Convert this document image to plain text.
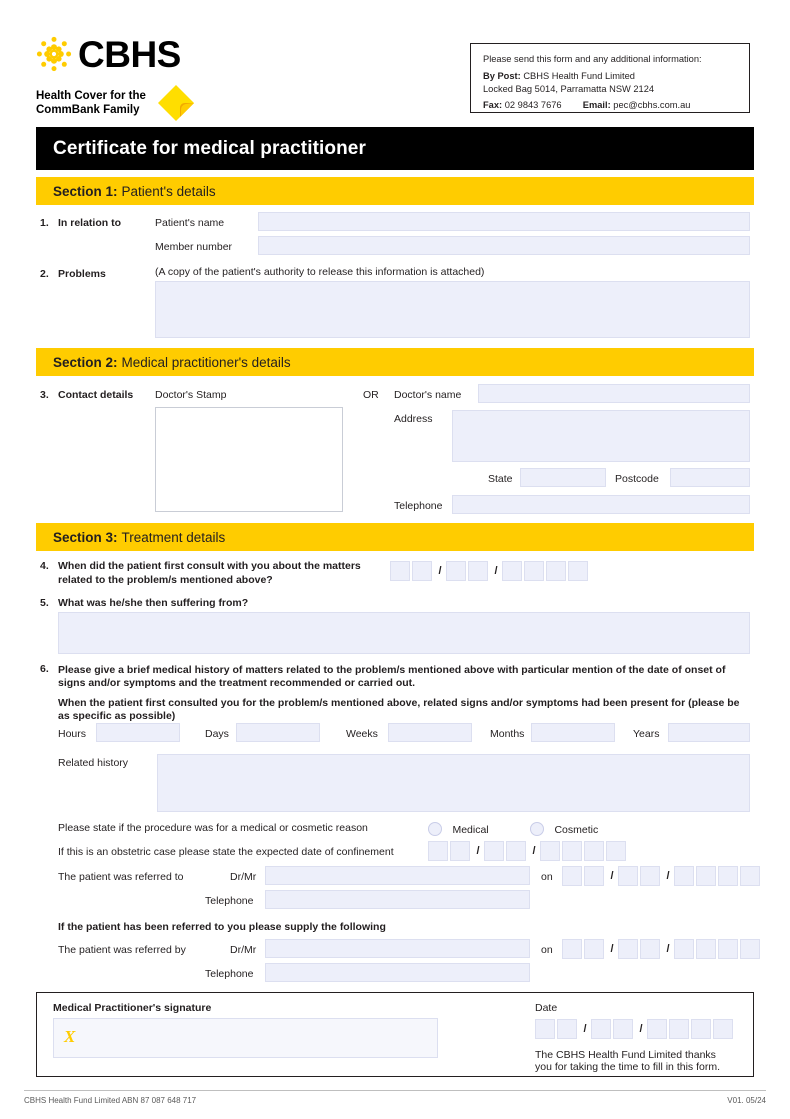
CBHS
Health Cover for the
CommBank Family

Please send this form and any additional information:

By Post: CBHS Health Fund Limited

Locked Bag 5014, Parramatta NSW 2124

Fax: 02 9843 7676 Email: pec@cbhs.com.au

Certificate for medical practitioner
Section 1: Patient's details
1. In relation to	Patient's name
Member number
2. Problems	(A copy of the patient's authority to release this information is attached)
Section 2: Medical practitioner's details
3. Contact details Doctor's Stamp	OR Doctor's name
Address
State	Postcode
Telephone
Section 3: Treatment details
4. When did the patient first consult with you about the matters related to the problem/s mentioned above?
/	/
5. What was he/she then suffering from?
6. Please give a brief medical history of matters related to the problem/s mentioned above with particular mention of the date of onset of
signs and/or symptoms and the treatment recommended or carried out.
When the patient first consulted you for the problem/s mentioned above, related signs and/or symptoms had been present for (please be
as specific as possible)
Hours	Days	Weeks	Months	Years
Related history
Please state if the procedure was for a medical or cosmetic reason	Medical	Cosmetic
If this is an obstetric case please state the expected date of confinement	/	/
The patient was referred to	Dr/Mr	on	/	/
Telephone
If the patient has been referred to you please supply the following
The patient was referred by	Dr/Mr	on	/	/
Telephone
Medical Practitioner's signature
X
Date
/	/
The CBHS Health Fund Limited thanks
you for taking the time to fill in this form.
CBHS Health Fund Limited ABN 87 087 648 717	V01. 05/24
